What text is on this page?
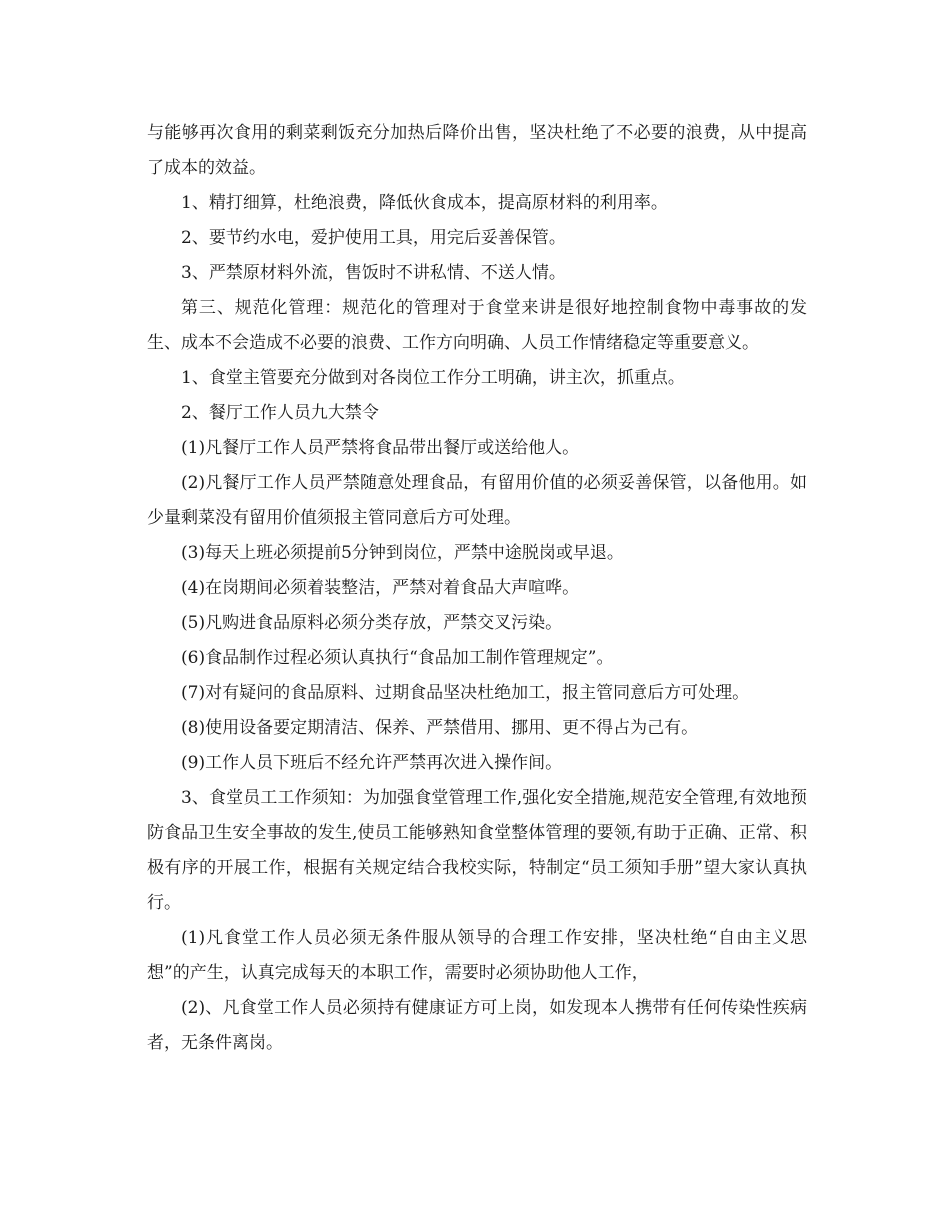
与能够再次食用的剩菜剩饭充分加热后降价出售，坚决杜绝了不必要的浪费，从中提高了成本的效益。

1、精打细算，杜绝浪费，降低伙食成本，提高原材料的利用率。

2、要节约水电，爱护使用工具，用完后妥善保管。

3、严禁原材料外流，售饭时不讲私情、不送人情。

第三、规范化管理：规范化的管理对于食堂来讲是很好地控制食物中毒事故的发生、成本不会造成不必要的浪费、工作方向明确、人员工作情绪稳定等重要意义。

1、食堂主管要充分做到对各岗位工作分工明确，讲主次，抓重点。

2、餐厅工作人员九大禁令

(1)凡餐厅工作人员严禁将食品带出餐厅或送给他人。

(2)凡餐厅工作人员严禁随意处理食品，有留用价值的必须妥善保管，以备他用。如少量剩菜没有留用价值须报主管同意后方可处理。

(3)每天上班必须提前5分钟到岗位，严禁中途脱岗或早退。

(4)在岗期间必须着装整洁，严禁对着食品大声喧哗。

(5)凡购进食品原料必须分类存放，严禁交叉污染。

(6)食品制作过程必须认真执行“食品加工制作管理规定”。

(7)对有疑问的食品原料、过期食品坚决杜绝加工，报主管同意后方可处理。

(8)使用设备要定期清洁、保养、严禁借用、挪用、更不得占为己有。

(9)工作人员下班后不经允许严禁再次进入操作间。

3、食堂员工工作须知：为加强食堂管理工作,强化安全措施,规范安全管理,有效地预防食品卫生安全事故的发生,使员工能够熟知食堂整体管理的要领,有助于正确、正常、积极有序的开展工作，根据有关规定结合我校实际，特制定“员工须知手册”望大家认真执行。

(1)凡食堂工作人员必须无条件服从领导的合理工作安排，坚决杜绝“自由主义思想”的产生，认真完成每天的本职工作，需要时必须协助他人工作，

(2)、凡食堂工作人员必须持有健康证方可上岗，如发现本人携带有任何传染性疾病者，无条件离岗。
